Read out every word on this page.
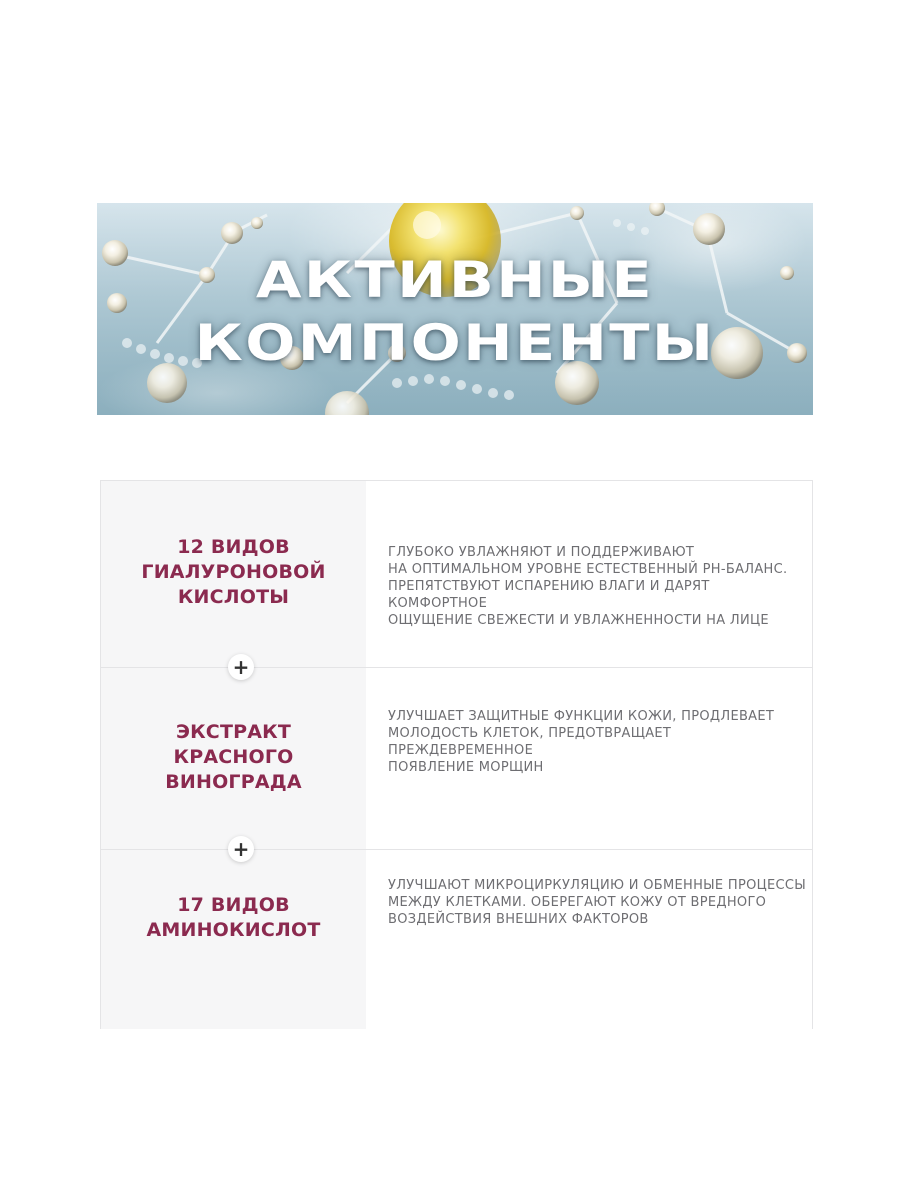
АКТИВНЫЕ
КОМПОНЕНТЫ
12 ВИДОВ
ГИАЛУРОНОВОЙ
КИСЛОТЫ
ГЛУБОКО УВЛАЖНЯЮТ И ПОДДЕРЖИВАЮТ
НА ОПТИМАЛЬНОМ УРОВНЕ ЕСТЕСТВЕННЫЙ PH-БАЛАНС.
ПРЕПЯТСТВУЮТ ИСПАРЕНИЮ ВЛАГИ И ДАРЯТ КОМФОРТНОЕ
ОЩУЩЕНИЕ СВЕЖЕСТИ И УВЛАЖНЕННОСТИ НА ЛИЦЕ
ЭКСТРАКТ
КРАСНОГО
ВИНОГРАДА
УЛУЧШАЕТ ЗАЩИТНЫЕ ФУНКЦИИ КОЖИ, ПРОДЛЕВАЕТ
МОЛОДОСТЬ КЛЕТОК, ПРЕДОТВРАЩАЕТ ПРЕЖДЕВРЕМЕННОЕ
ПОЯВЛЕНИЕ МОРЩИН
17 ВИДОВ
АМИНОКИСЛОТ
УЛУЧШАЮТ МИКРОЦИРКУЛЯЦИЮ И ОБМЕННЫЕ ПРОЦЕССЫ
МЕЖДУ КЛЕТКАМИ. ОБЕРЕГАЮТ КОЖУ ОТ ВРЕДНОГО
ВОЗДЕЙСТВИЯ ВНЕШНИХ ФАКТОРОВ
+
+
